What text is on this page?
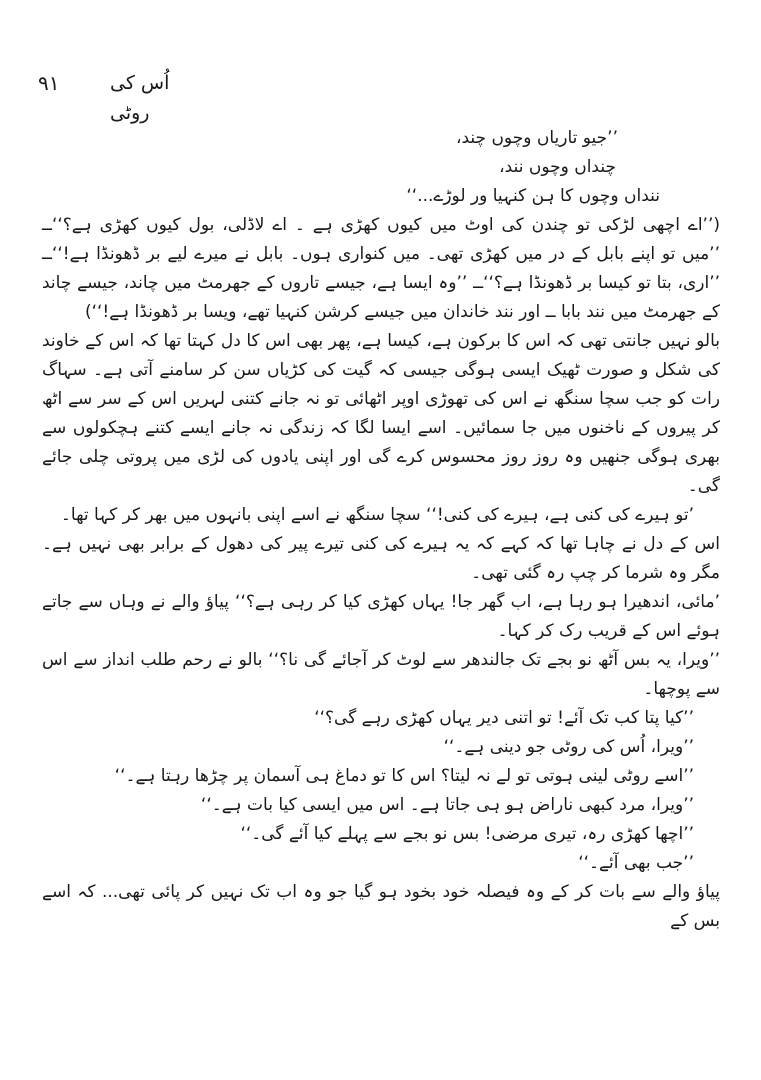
٩١	اُس کی روٹی

’’جیو تاریاں وچوں چند،

چنداں وچوں نند،

ننداں وچوں کا ہن کنہیا ور لوڑے...‘‘

(’’اے اچھی لڑکی تو چندن کی اوٹ میں کیوں کھڑی ہے ۔ اے لاڈلی، بول کیوں کھڑی ہے؟‘‘ــ ’’میں تو اپنے بابل کے در میں کھڑی تھی۔ میں کنواری ہوں۔ بابل نے میرے لیے بر ڈھونڈا ہے!‘‘ــ ’’اری، بتا تو کیسا بر ڈھونڈا ہے؟‘‘ــ ’’وہ ایسا ہے، جیسے تاروں کے جھرمٹ میں چاند، جیسے چاند کے جھرمٹ میں نند بابا ــ اور نند خاندان میں جیسے کرشن کنہیا تھے، ویسا بر ڈھونڈا ہے!‘‘)

بالو نہیں جانتی تھی کہ اس کا برکون ہے، کیسا ہے، پھر بھی اس کا دل کہتا تھا کہ اس کے خاوند کی شکل و صورت ٹھیک ایسی ہوگی جیسی کہ گیت کی کڑیاں سن کر سامنے آتی ہے۔ سہاگ رات کو جب سچا سنگھ نے اس کی تھوڑی اوپر اٹھائی تو نہ جانے کتنی لہریں اس کے سر سے اٹھ کر پیروں کے ناخنوں میں جا سمائیں۔ اسے ایسا لگا کہ زندگی نہ جانے ایسے کتنے ہچکولوں سے بھری ہوگی جنھیں وہ روز روز محسوس کرے گی اور اپنی یادوں کی لڑی میں پروتی چلی جائے گی۔

’تو ہیرے کی کنی ہے، ہیرے کی کنی!‘‘ سچا سنگھ نے اسے اپنی بانہوں میں بھر کر کہا تھا۔

اس کے دل نے چاہا تھا کہ کہے کہ یہ ہیرے کی کنی تیرے پیر کی دھول کے برابر بھی نہیں ہے۔ مگر وہ شرما کر چپ رہ گئی تھی۔

’مائی، اندھیرا ہو رہا ہے، اب گھر جا! یہاں کھڑی کیا کر رہی ہے؟‘‘ پیاؤ والے نے وہاں سے جاتے ہوئے اس کے قریب رک کر کہا۔

’’ویرا، یہ بس آٹھ نو بجے تک جالندھر سے لوٹ کر آجائے گی نا؟‘‘ بالو نے رحم طلب انداز سے اس سے پوچھا۔

’’کیا پتا کب تک آئے! تو اتنی دیر یہاں کھڑی رہے گی؟‘‘

’’ویرا، اُس کی روٹی جو دینی ہے۔‘‘

’’اسے روٹی لینی ہوتی تو لے نہ لیتا؟ اس کا تو دماغ ہی آسمان پر چڑھا رہتا ہے۔‘‘

’’ویرا، مرد کبھی ناراض ہو ہی جاتا ہے۔ اس میں ایسی کیا بات ہے۔‘‘

’’اچھا کھڑی رہ، تیری مرضی! بس نو بجے سے پہلے کیا آئے گی۔‘‘

’’جب بھی آئے۔‘‘

پیاؤ والے سے بات کر کے وہ فیصلہ خود بخود ہو گیا جو وہ اب تک نہیں کر پائی تھی... کہ اسے بس کے
